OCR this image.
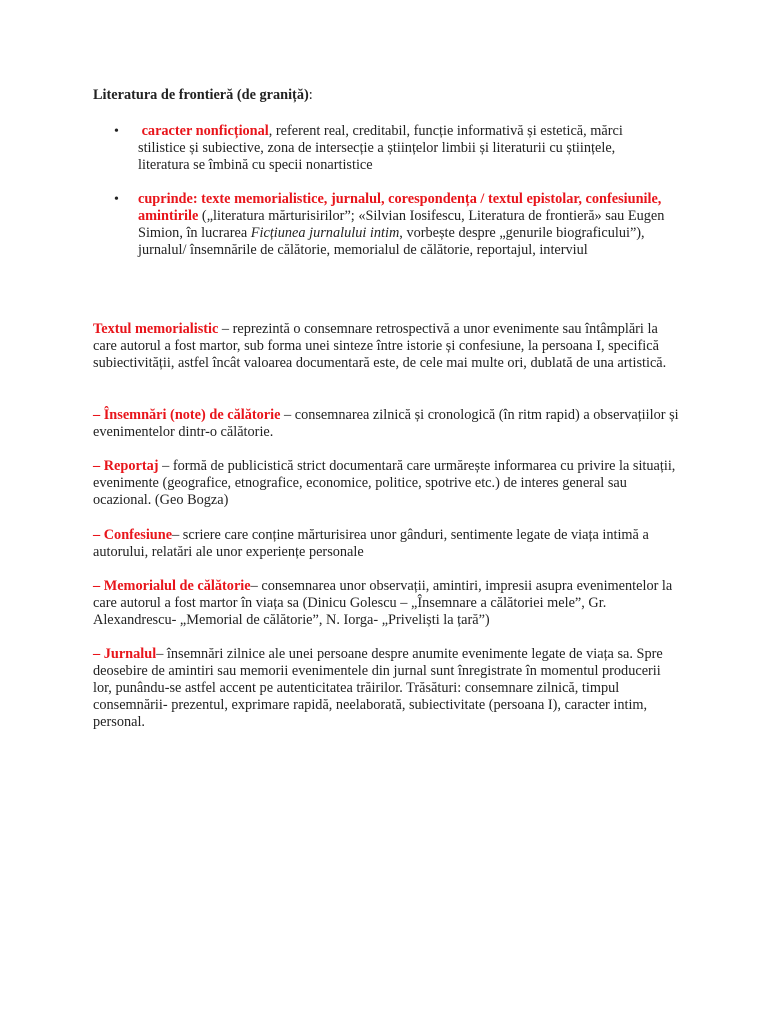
Literatura de frontieră (de graniță):
• caracter nonficțional, referent real, creditabil, funcție informativă și estetică, mărci stilistice și subiective, zona de intersecție a științelor limbii și literaturii cu științele, literatura se îmbină cu specii nonartistice
• cuprinde: texte memorialistice, jurnalul, corespondența / textul epistolar, confesiunile, amintirile („literatura mărturisirilor”; «Silvian Iosifescu, Literatura de frontieră» sau Eugen Simion, în lucrarea Ficțiunea jurnalului intim, vorbește despre „genurile biograficului”), jurnalul/ însemnările de călătorie, memorialul de călătorie, reportajul, interviul
Textul memorialistic – reprezintă o consemnare retrospectivă a unor evenimente sau întâmplări la care autorul a fost martor, sub forma unei sinteze între istorie și confesiune, la persoana I, specifică subiectivității, astfel încât valoarea documentară este, de cele mai multe ori, dublată de una artistică.
– Însemnări (note) de călătorie – consemnarea zilnică și cronologică (în ritm rapid) a observațiilor și evenimentelor dintr-o călătorie.
– Reportaj – formă de publicistică strict documentară care urmărește informarea cu privire la situații, evenimente (geografice, etnografice, economice, politice, spotrive etc.) de interes general sau ocazional. (Geo Bogza)
– Confesiune– scriere care conține mărturisirea unor gânduri, sentimente legate de viața intimă a autorului, relatări ale unor experiențe personale
– Memorialul de călătorie– consemnarea unor observații, amintiri, impresii asupra evenimentelor la care autorul a fost martor în viața sa (Dinicu Golescu – „Însemnare a călătoriei mele”, Gr. Alexandrescu- „Memorial de călătorie”, N. Iorga- „Priveliști la țară”)
– Jurnalul– însemnări zilnice ale unei persoane despre anumite evenimente legate de viața sa. Spre deosebire de amintiri sau memorii evenimentele din jurnal sunt înregistrate în momentul producerii lor, punându-se astfel accent pe autenticitatea trăirilor. Trăsături: consemnare zilnică, timpul consemnării- prezentul, exprimare rapidă, neelaborată, subiectivitate (persoana I), caracter intim, personal.
